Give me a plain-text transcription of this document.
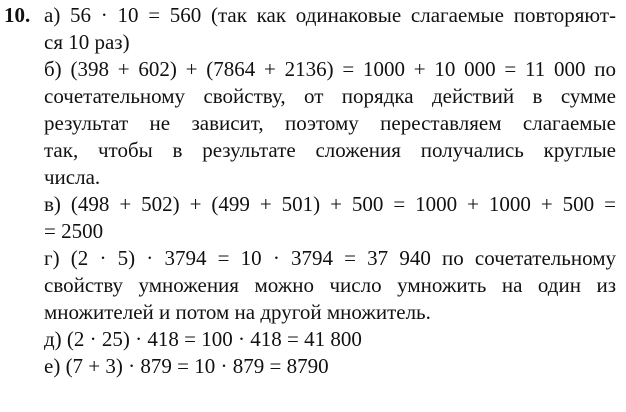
10. а) 56 · 10 = 560 (так как одинаковые слагаемые повторяют-
ся 10 раз)
б) (398 + 602) + (7864 + 2136) = 1000 + 10 000 = 11 000 по
сочетательному свойству, от порядка действий в сумме
результат не зависит, поэтому переставляем слагаемые
так, чтобы в результате сложения получались круглые
числа.
в) (498 + 502) + (499 + 501) + 500 = 1000 + 1000 + 500 =
= 2500
г) (2 · 5) · 3794 = 10 · 3794 = 37 940 по сочетательному
свойству умножения можно число умножить на один из
множителей и потом на другой множитель.
д) (2 · 25) · 418 = 100 · 418 = 41 800
е) (7 + 3) · 879 = 10 · 879 = 8790
